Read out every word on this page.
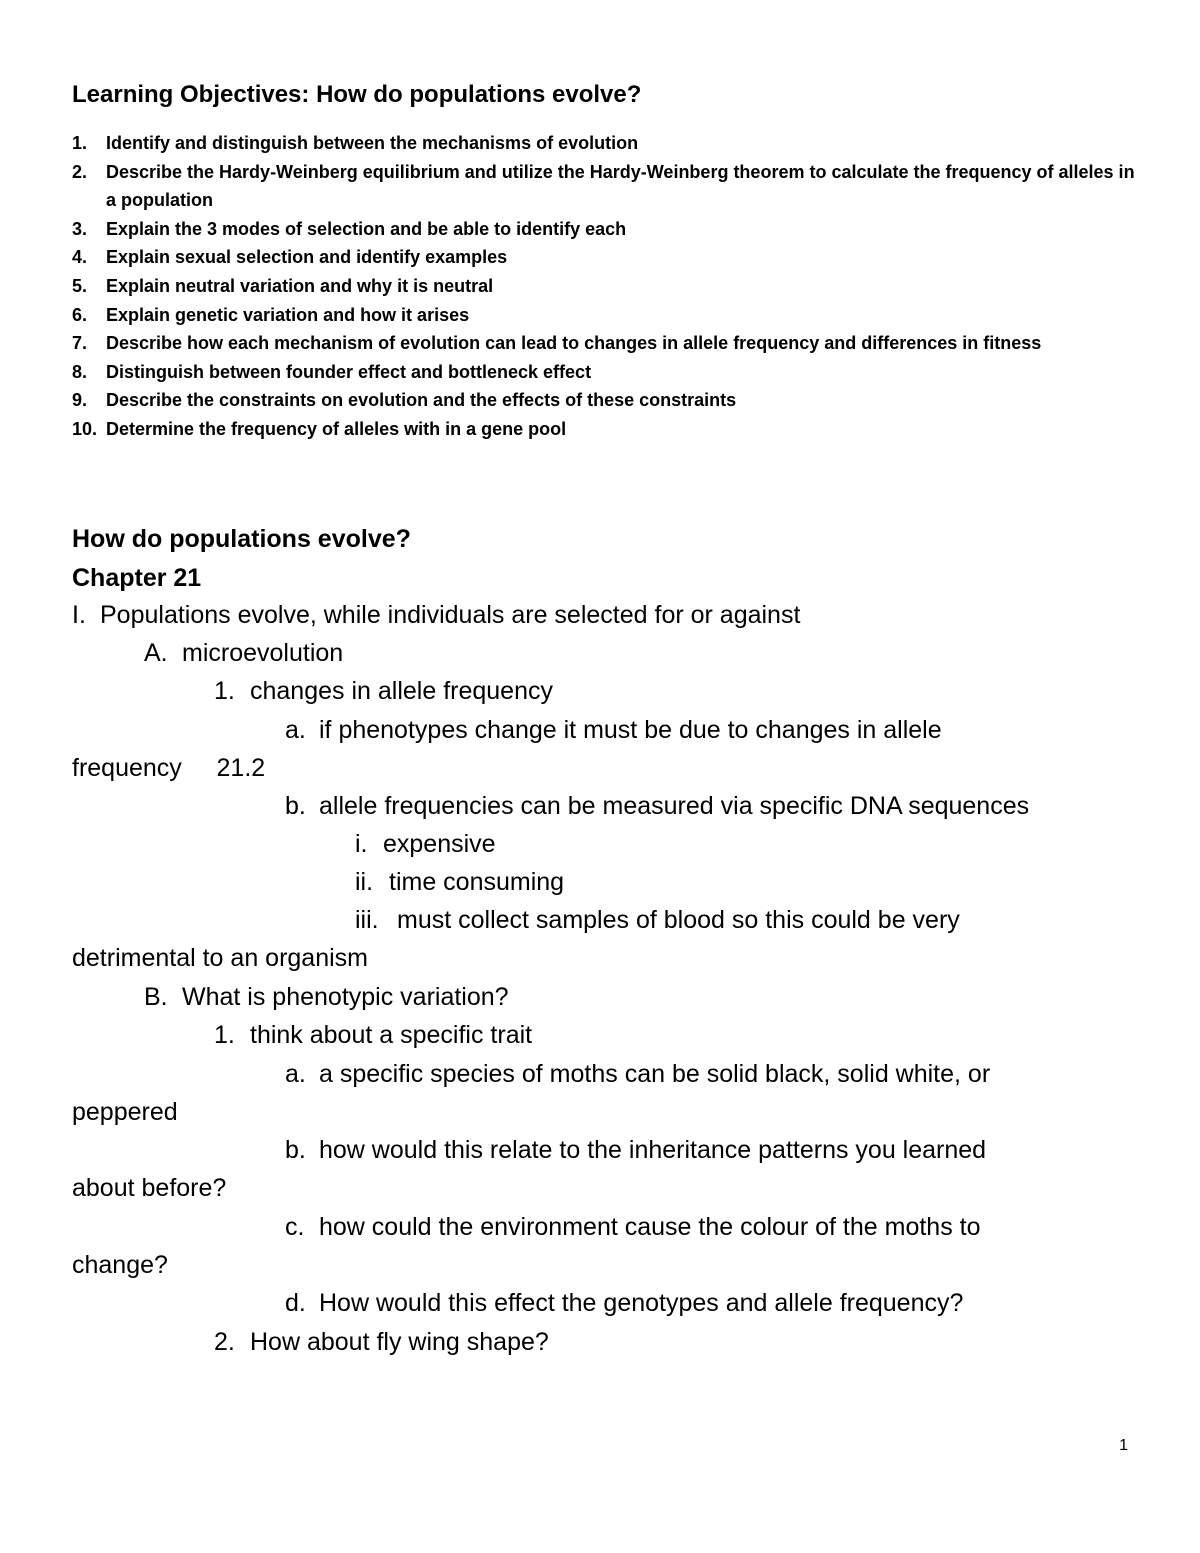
Learning Objectives: How do populations evolve?
1. Identify and distinguish between the mechanisms of evolution
2. Describe the Hardy-Weinberg equilibrium and utilize the Hardy-Weinberg theorem to calculate the frequency of alleles in a population
3. Explain the 3 modes of selection and be able to identify each
4. Explain sexual selection and identify examples
5. Explain neutral variation and why it is neutral
6. Explain genetic variation and how it arises
7. Describe how each mechanism of evolution can lead to changes in allele frequency and differences in fitness
8. Distinguish between founder effect and bottleneck effect
9. Describe the constraints on evolution and the effects of these constraints
10. Determine the frequency of alleles with in a gene pool
How do populations evolve?
Chapter 21
I. Populations evolve, while individuals are selected for or against
A. microevolution
1. changes in allele frequency
a. if phenotypes change it must be due to changes in allele
frequency     21.2
b. allele frequencies can be measured via specific DNA sequences
i. expensive
ii. time consuming
iii. must collect samples of blood so this could be very
detrimental to an organism
B. What is phenotypic variation?
1. think about a specific trait
a. a specific species of moths can be solid black, solid white, or
peppered
b. how would this relate to the inheritance patterns you learned
about before?
c. how could the environment cause the colour of the moths to
change?
d. How would this effect the genotypes and allele frequency?
2. How about fly wing shape?
1
